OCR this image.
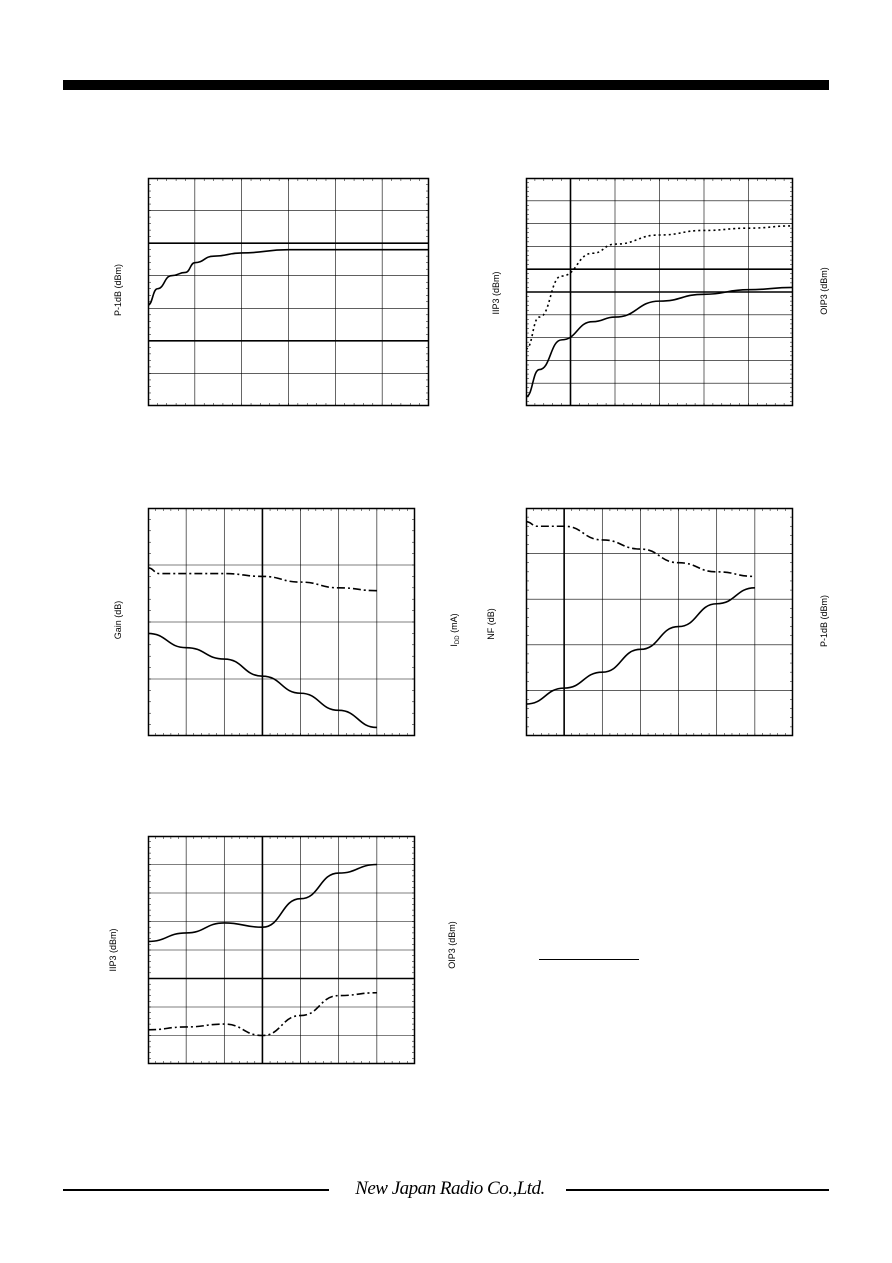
P-1dB (dBm)	IIP3 (dBm)	OIP3 (dBm)
Gain (dB)
$I_{DD}$ (mA)	NF (dB)	P-1dB (dBm)
IIP3 (dBm)	OIP3 (dBm)
New Japan Radio Co.,Ltd.
